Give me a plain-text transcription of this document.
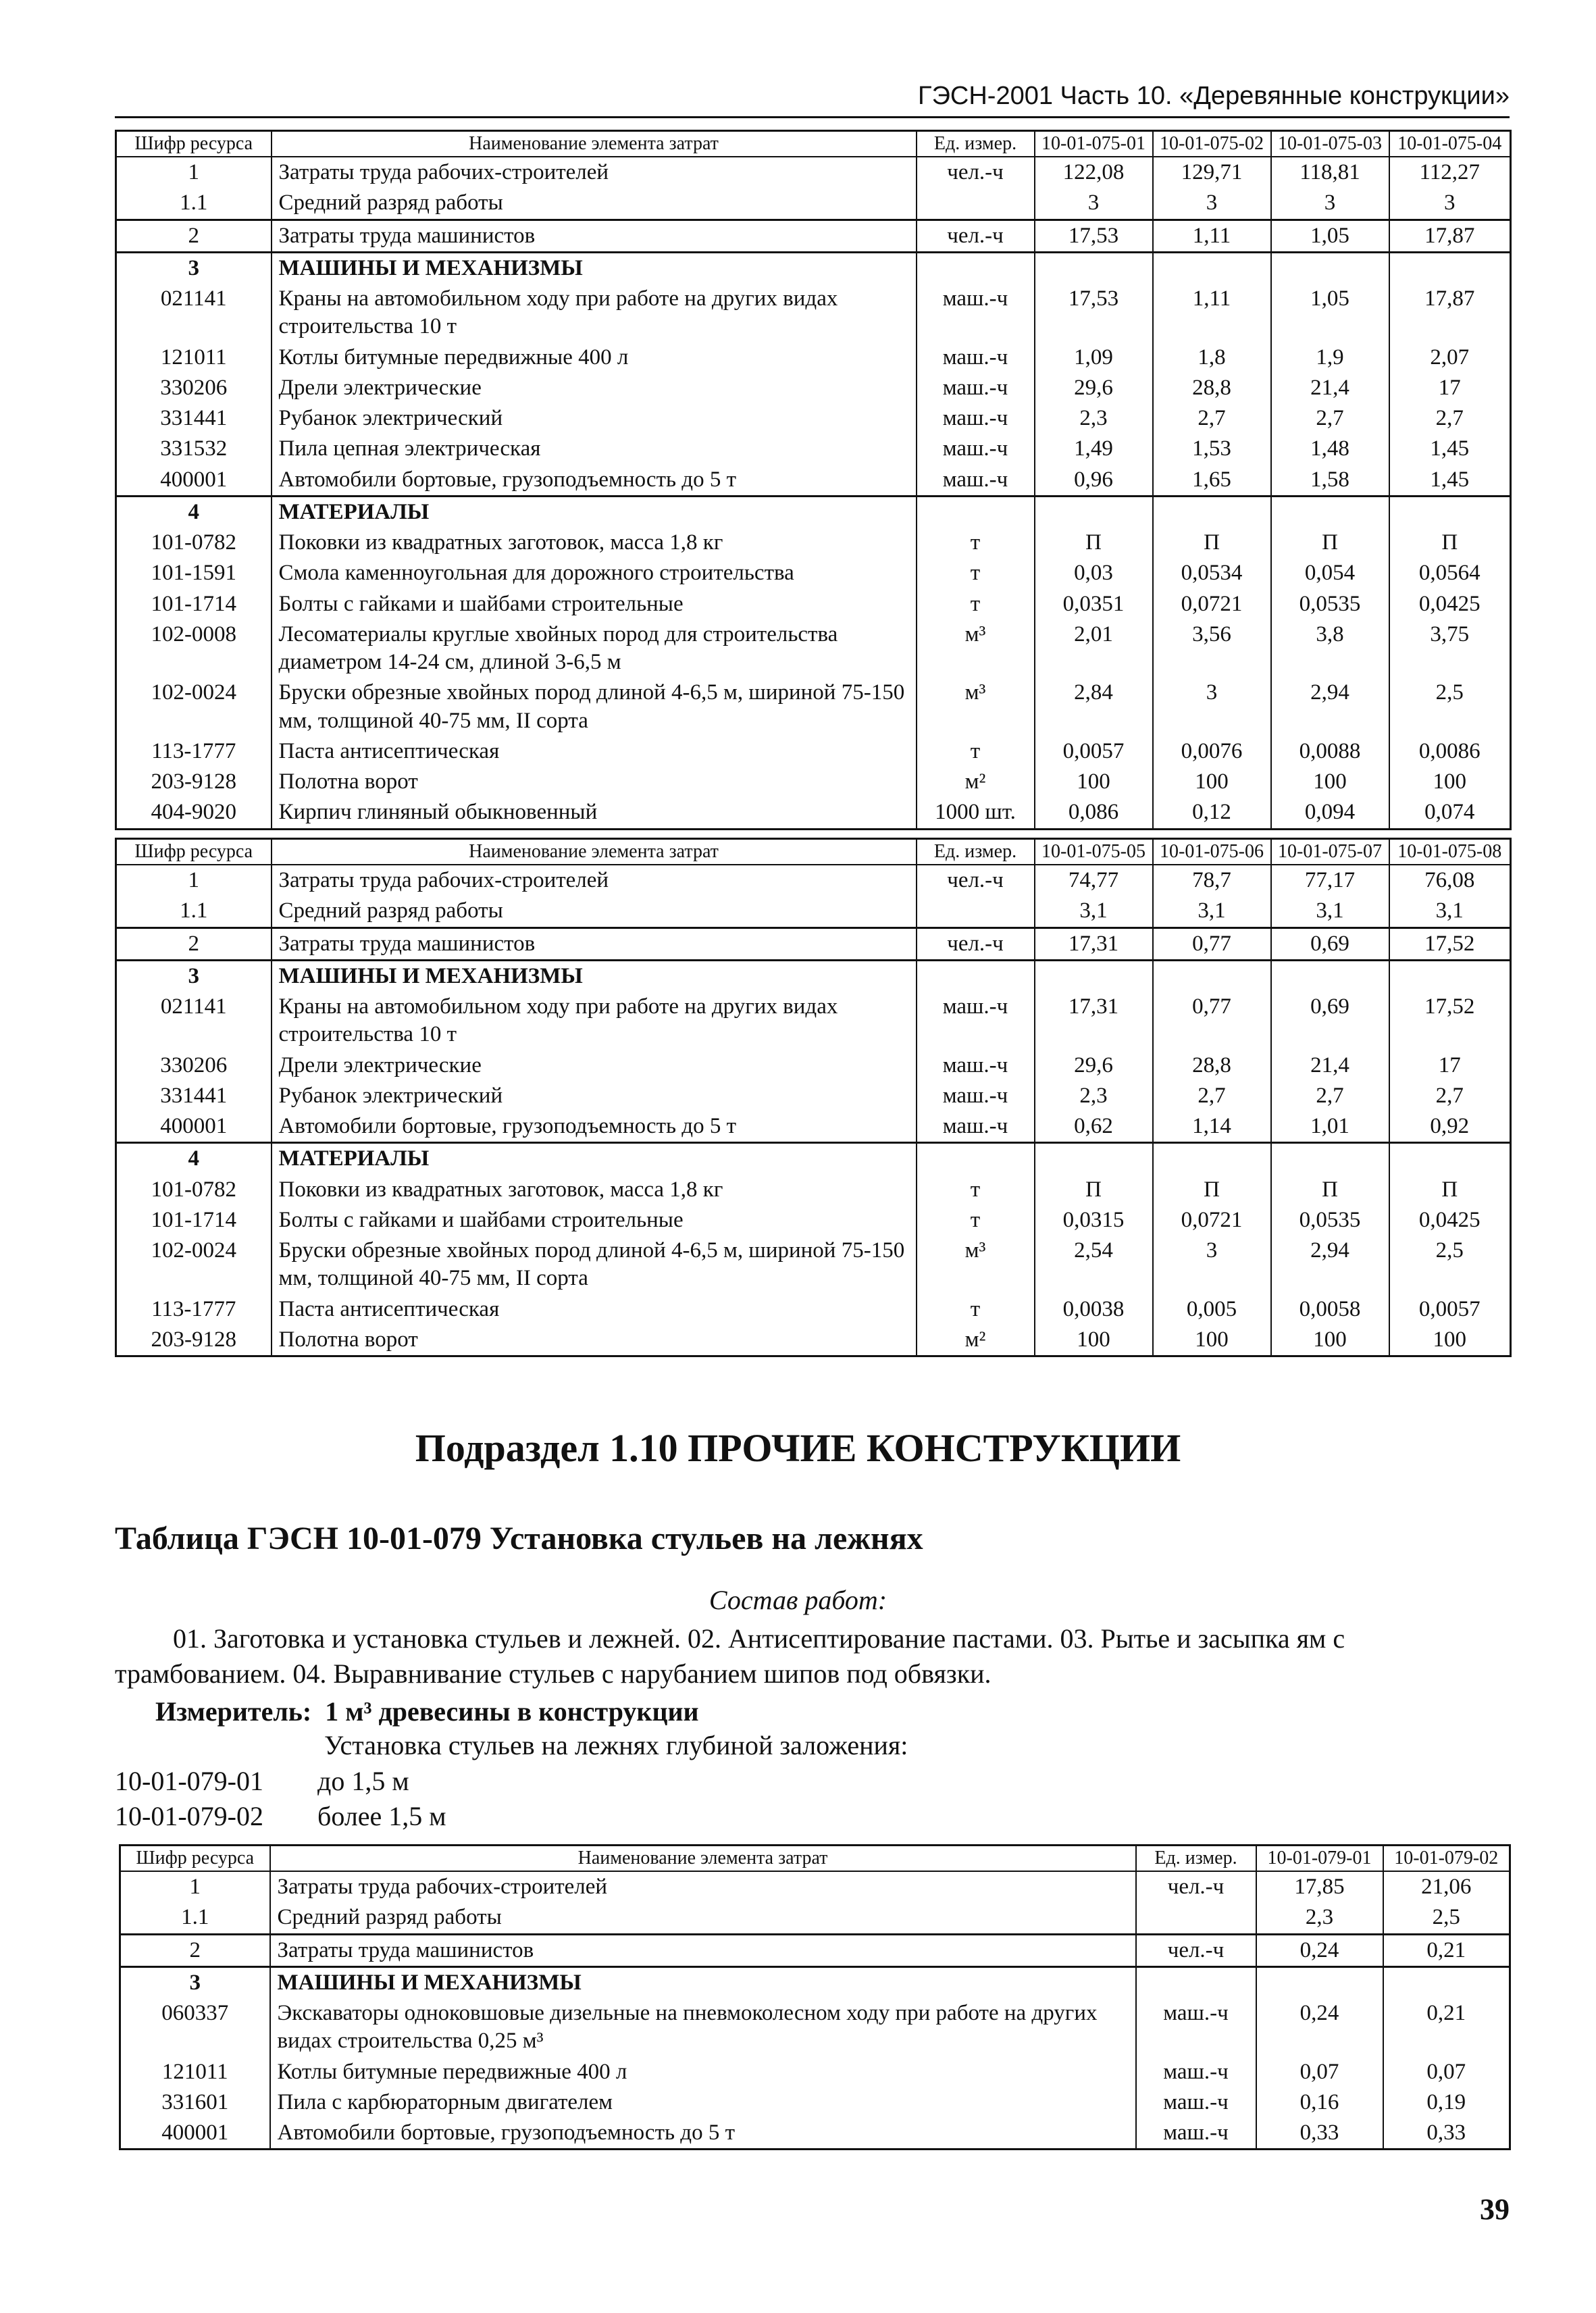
ГЭСН-2001 Часть 10. «Деревянные конструкции»
Шифр ресурса	Наименование элемента затрат	Ед. измер.	10-01-075-01	10-01-075-02	10-01-075-03	10-01-075-04
1	Затраты труда рабочих-строителей	чел.-ч	122,08	129,71	118,81	112,27
1.1	Средний разряд работы		3	3	3	3
2	Затраты труда машинистов	чел.-ч	17,53	1,11	1,05	17,87
3	МАШИНЫ И МЕХАНИЗМЫ					
021141	Краны на автомобильном ходу при работе на других видах строительства 10 т	маш.-ч	17,53	1,11	1,05	17,87
121011	Котлы битумные передвижные 400 л	маш.-ч	1,09	1,8	1,9	2,07
330206	Дрели электрические	маш.-ч	29,6	28,8	21,4	17
331441	Рубанок электрический	маш.-ч	2,3	2,7	2,7	2,7
331532	Пила цепная электрическая	маш.-ч	1,49	1,53	1,48	1,45
400001	Автомобили бортовые, грузоподъемность до 5 т	маш.-ч	0,96	1,65	1,58	1,45
4	МАТЕРИАЛЫ					
101-0782	Поковки из квадратных заготовок, масса 1,8 кг	т	П	П	П	П
101-1591	Смола каменноугольная для дорожного строительства	т	0,03	0,0534	0,054	0,0564
101-1714	Болты с гайками и шайбами строительные	т	0,0351	0,0721	0,0535	0,0425
102-0008	Лесоматериалы круглые хвойных пород для строительства диаметром 14-24 см, длиной 3-6,5 м	м³	2,01	3,56	3,8	3,75
102-0024	Бруски обрезные хвойных пород длиной 4-6,5 м, шириной 75-150 мм, толщиной 40-75 мм, II сорта	м³	2,84	3	2,94	2,5
113-1777	Паста антисептическая	т	0,0057	0,0076	0,0088	0,0086
203-9128	Полотна ворот	м²	100	100	100	100
404-9020	Кирпич глиняный обыкновенный	1000 шт.	0,086	0,12	0,094	0,074
Шифр ресурса	Наименование элемента затрат	Ед. измер.	10-01-075-05	10-01-075-06	10-01-075-07	10-01-075-08
1	Затраты труда рабочих-строителей	чел.-ч	74,77	78,7	77,17	76,08
1.1	Средний разряд работы		3,1	3,1	3,1	3,1
2	Затраты труда машинистов	чел.-ч	17,31	0,77	0,69	17,52
3	МАШИНЫ И МЕХАНИЗМЫ					
021141	Краны на автомобильном ходу при работе на других видах строительства 10 т	маш.-ч	17,31	0,77	0,69	17,52
330206	Дрели электрические	маш.-ч	29,6	28,8	21,4	17
331441	Рубанок электрический	маш.-ч	2,3	2,7	2,7	2,7
400001	Автомобили бортовые, грузоподъемность до 5 т	маш.-ч	0,62	1,14	1,01	0,92
4	МАТЕРИАЛЫ					
101-0782	Поковки из квадратных заготовок, масса 1,8 кг	т	П	П	П	П
101-1714	Болты с гайками и шайбами строительные	т	0,0315	0,0721	0,0535	0,0425
102-0024	Бруски обрезные хвойных пород длиной 4-6,5 м, шириной 75-150 мм, толщиной 40-75 мм, II сорта	м³	2,54	3	2,94	2,5
113-1777	Паста антисептическая	т	0,0038	0,005	0,0058	0,0057
203-9128	Полотна ворот	м²	100	100	100	100
Подраздел 1.10 ПРОЧИЕ КОНСТРУКЦИИ
Таблица ГЭСН 10-01-079 Установка стульев на лежнях
Состав работ:
01. Заготовка и установка стульев и лежней. 02. Антисептирование пастами. 03. Рытье и засыпка ям с трамбованием. 04. Выравнивание стульев с нарубанием шипов под обвязки.
Измеритель: 1 м³ древесины в конструкции
Установка стульев на лежнях глубиной заложения:
10-01-079-01 до 1,5 м
10-01-079-02 более 1,5 м
Шифр ресурса	Наименование элемента затрат	Ед. измер.	10-01-079-01	10-01-079-02
1	Затраты труда рабочих-строителей	чел.-ч	17,85	21,06
1.1	Средний разряд работы		2,3	2,5
2	Затраты труда машинистов	чел.-ч	0,24	0,21
3	МАШИНЫ И МЕХАНИЗМЫ			
060337	Экскаваторы одноковшовые дизельные на пневмоколесном ходу при работе на других видах строительства 0,25 м³	маш.-ч	0,24	0,21
121011	Котлы битумные передвижные 400 л	маш.-ч	0,07	0,07
331601	Пила с карбюраторным двигателем	маш.-ч	0,16	0,19
400001	Автомобили бортовые, грузоподъемность до 5 т	маш.-ч	0,33	0,33
39
